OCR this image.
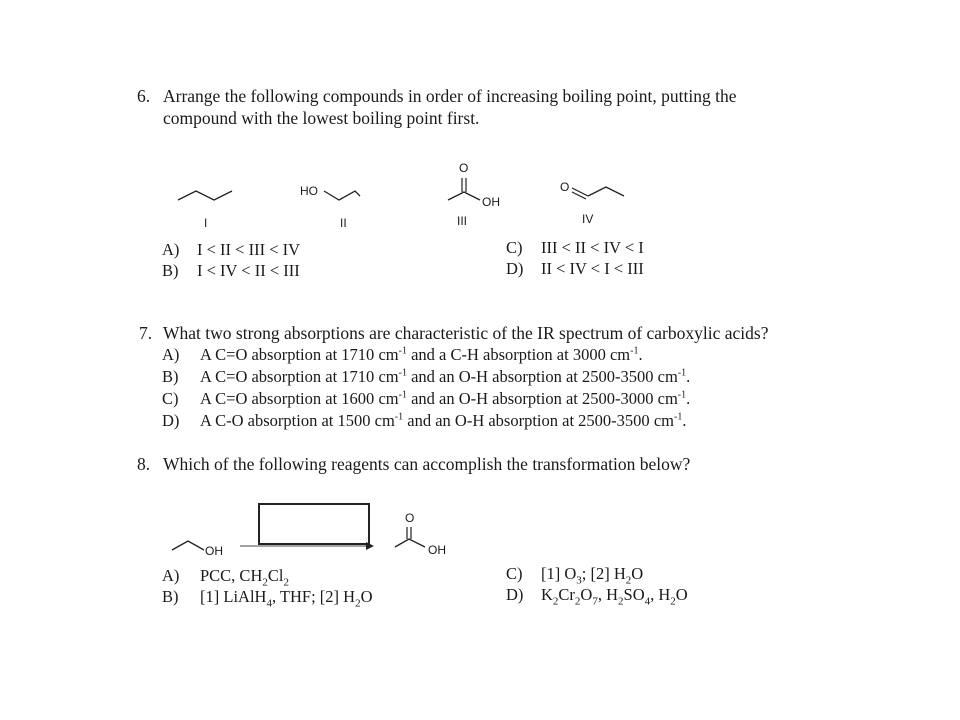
6. Arrange the following compounds in order of increasing boiling point, putting the
compound with the lowest boiling point first.
I
HO
II
O
OH
III
O
IV
A) I < II < III < IV
B) I < IV < II < III
C) III < II < IV < I
D) II < IV < I < III
7. What two strong absorptions are characteristic of the IR spectrum of carboxylic acids?
A) A C=O absorption at 1710 $cm^{-1}$ and a C-H absorption at 3000 $cm^{-1}$.
B) A C=O absorption at 1710 $cm^{-1}$ and an O-H absorption at 2500-3500 $cm^{-1}$.
C) A C=O absorption at 1600 $cm^{-1}$ and an O-H absorption at 2500-3000 $cm^{-1}$.
D) A C-O absorption at 1500 $cm^{-1}$ and an O-H absorption at 2500-3500 $cm^{-1}$.
8. Which of the following reagents can accomplish the transformation below?
OH
O
OH
A) PCC, $CH_2Cl_2$
B) [1] LiAlH$_4$, THF; [2] $H_2O$
C) [1] $O_3$; [2] $H_2O$
D) $K_2Cr_2O_7$, $H_2SO_4$, $H_2O$
